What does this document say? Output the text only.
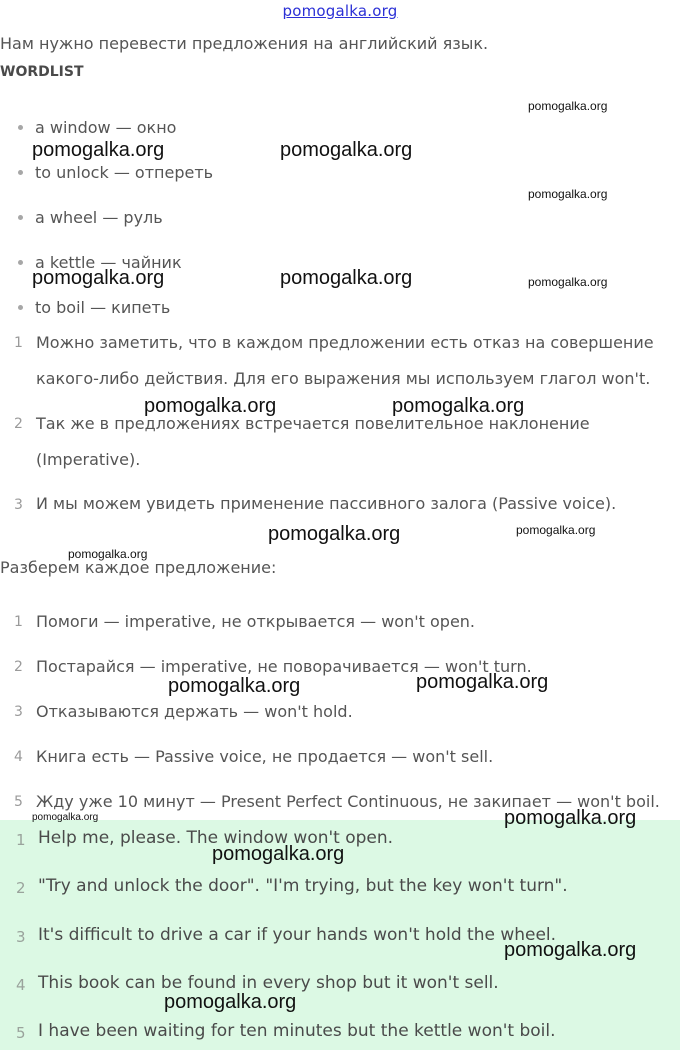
pomogalka.org
Нам нужно перевести предложения на английский язык.
WORDLIST
a window — окно
to unlock — отпереть
a wheel — руль
a kettle — чайник
to boil — кипеть
1 Можно заметить, что в каждом предложении есть отказ на совершение
какого-либо действия. Для его выражения мы используем глагол won't.
2 Так же в предложениях встречается повелительное наклонение
(Imperative).
3 И мы можем увидеть применение пассивного залога (Passive voice).
Разберем каждое предложение:
1 Помоги — imperative, не открывается — won't open.
2 Постарайся — imperative, не поворачивается — won't turn.
3 Отказываются держать — won't hold.
4 Книга есть — Passive voice, не продается — won't sell.
5 Жду уже 10 минут — Present Perfect Continuous, не закипает — won't boil.
1 Help me, please. The window won't open.
2 "Try and unlock the door". "I'm trying, but the key won't turn".
3 It's difficult to drive a car if your hands won't hold the wheel.
4 This book can be found in every shop but it won't sell.
5 I have been waiting for ten minutes but the kettle won't boil.
pomogalka.org
pomogalka.org	pomogalka.org
pomogalka.org
pomogalka.org	pomogalka.org	pomogalka.org
pomogalka.org	pomogalka.org
pomogalka.org	pomogalka.org
pomogalka.org
pomogalka.org	pomogalka.org
pomogalka.org	pomogalka.org
pomogalka.org
pomogalka.org
pomogalka.org
